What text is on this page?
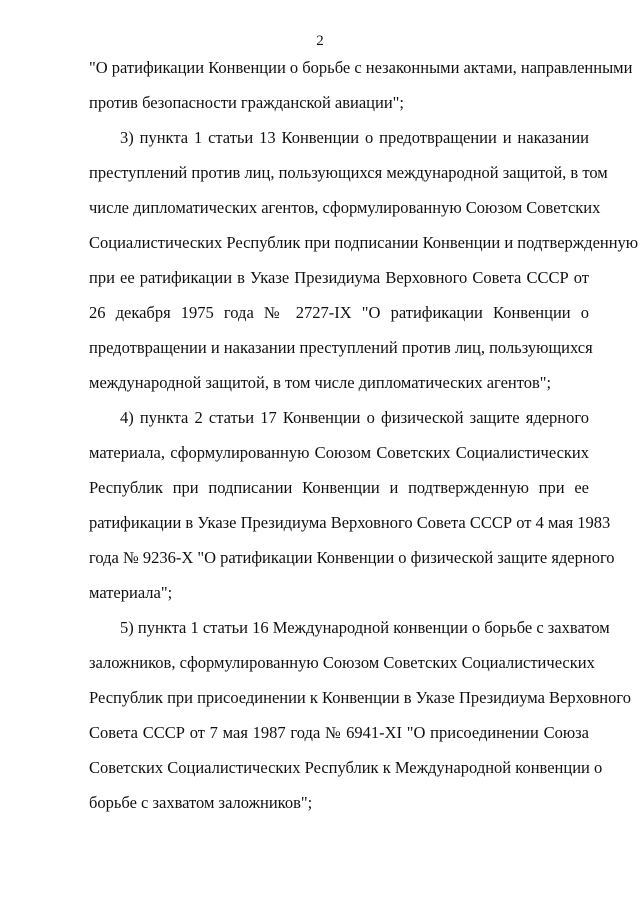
2
"О ратификации Конвенции о борьбе с незаконными актами, направленными
против безопасности гражданской авиации";
3) пункта 1 статьи 13 Конвенции о предотвращении и наказании
преступлений против лиц, пользующихся международной защитой, в том
числе дипломатических агентов, сформулированную Союзом Советских
Социалистических Республик при подписании Конвенции и подтвержденную
при ее ратификации в Указе Президиума Верховного Совета СССР от
26 декабря 1975 года № 2727-IX "О ратификации Конвенции о
предотвращении и наказании преступлений против лиц, пользующихся
международной защитой, в том числе дипломатических агентов";
4) пункта 2 статьи 17 Конвенции о физической защите ядерного
материала, сформулированную Союзом Советских Социалистических
Республик при подписании Конвенции и подтвержденную при ее
ратификации в Указе Президиума Верховного Совета СССР от 4 мая 1983
года № 9236-Х "О ратификации Конвенции о физической защите ядерного
материала";
5) пункта 1 статьи 16 Международной конвенции о борьбе с захватом
заложников, сформулированную Союзом Советских Социалистических
Республик при присоединении к Конвенции в Указе Президиума Верховного
Совета СССР от 7 мая 1987 года № 6941-XI "О присоединении Союза
Советских Социалистических Республик к Международной конвенции о
борьбе с захватом заложников";
